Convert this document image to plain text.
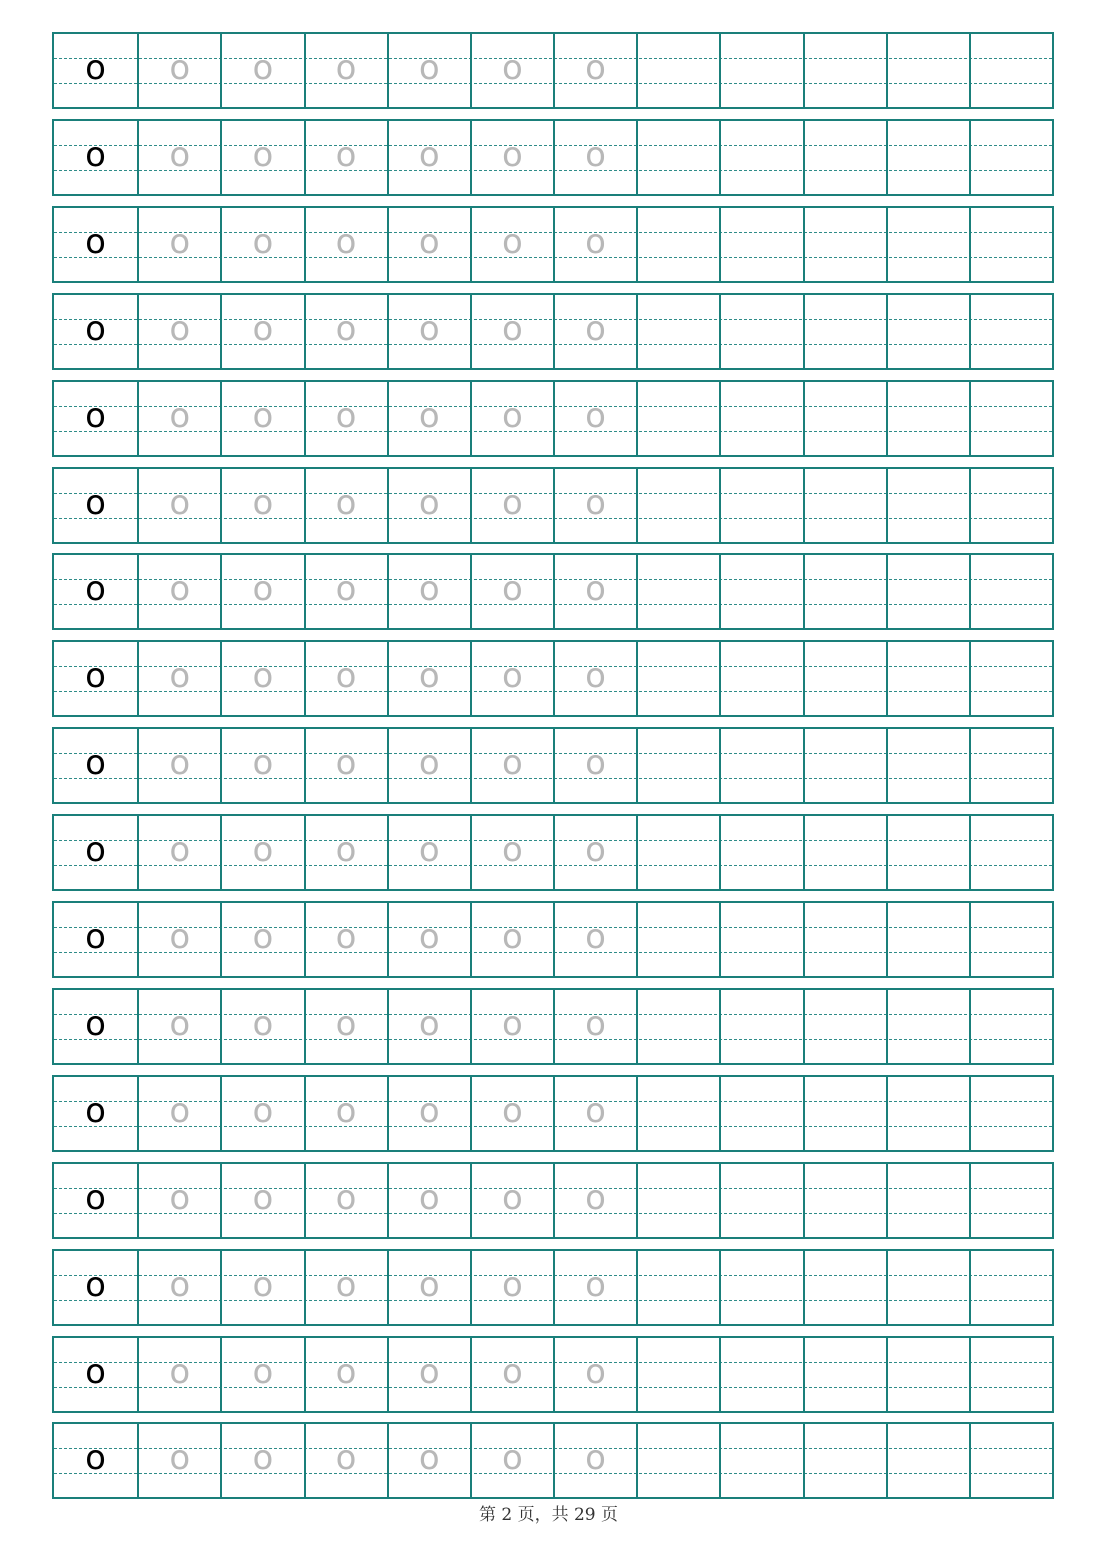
o	o	o	o	o	o	o
o	o	o	o	o	o	o
o	o	o	o	o	o	o
o	o	o	o	o	o	o
o	o	o	o	o	o	o
o	o	o	o	o	o	o
o	o	o	o	o	o	o
o	o	o	o	o	o	o
o	o	o	o	o	o	o
o	o	o	o	o	o	o
o	o	o	o	o	o	o
o	o	o	o	o	o	o
o	o	o	o	o	o	o
o	o	o	o	o	o	o
o	o	o	o	o	o	o
o	o	o	o	o	o	o
o	o	o	o	o	o	o
第 2 页，共 29 页
